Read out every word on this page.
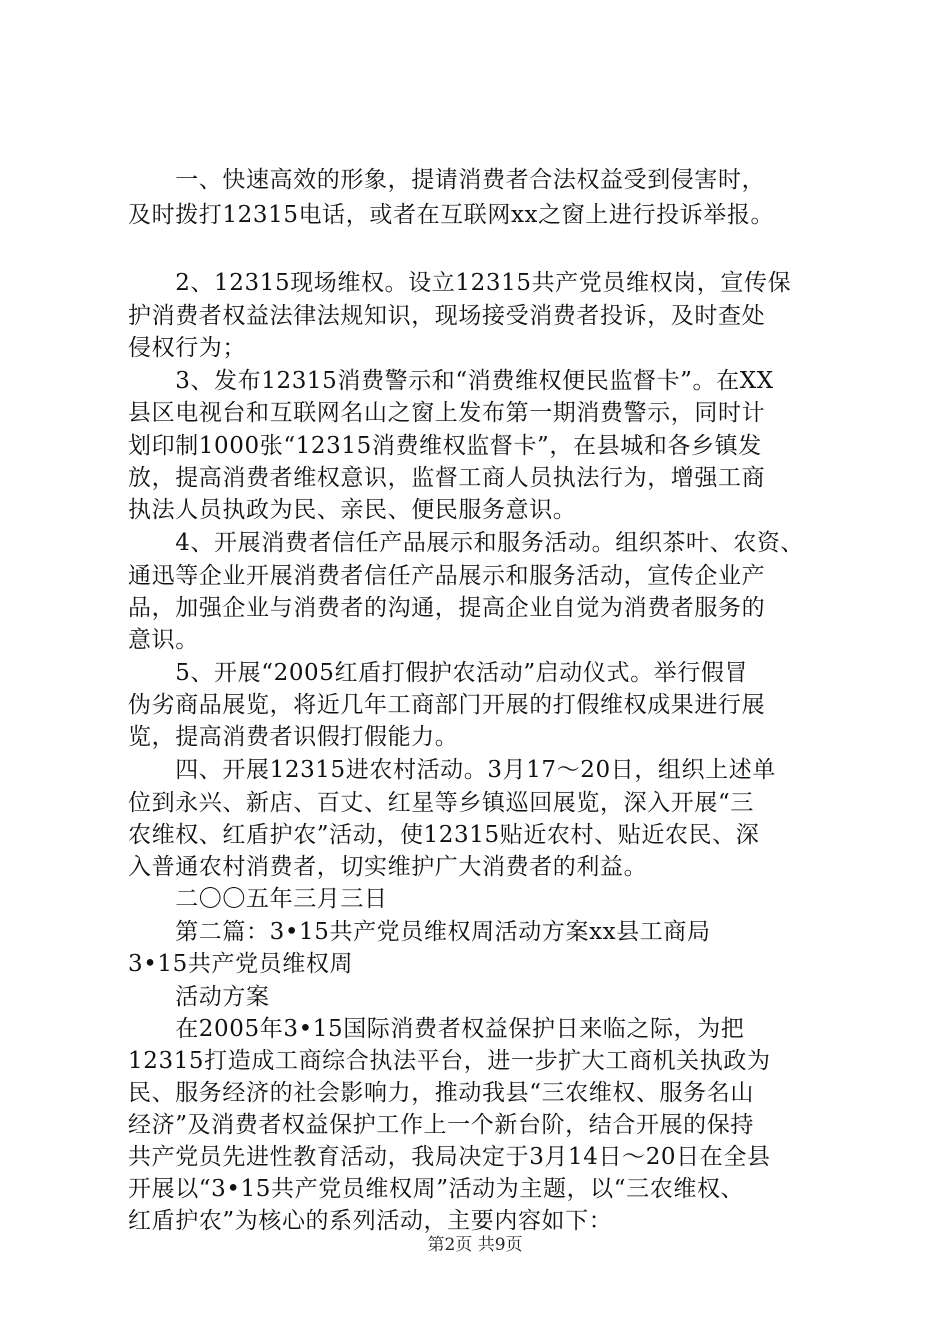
　　一、快速高效的形象，提请消费者合法权益受到侵害时，
及时拨打12315电话，或者在互联网xx之窗上进行投诉举报。
　　2、12315现场维权。设立12315共产党员维权岗，宣传保
护消费者权益法律法规知识，现场接受消费者投诉，及时查处
侵权行为；
　　3、发布12315消费警示和“消费维权便民监督卡”。在XX
县区电视台和互联网名山之窗上发布第一期消费警示，同时计
划印制1000张“12315消费维权监督卡”，在县城和各乡镇发
放，提高消费者维权意识，监督工商人员执法行为，增强工商
执法人员执政为民、亲民、便民服务意识。
　　4、开展消费者信任产品展示和服务活动。组织茶叶、农资、
通迅等企业开展消费者信任产品展示和服务活动，宣传企业产
品，加强企业与消费者的沟通，提高企业自觉为消费者服务的
意识。
　　5、开展“2005红盾打假护农活动”启动仪式。举行假冒
伪劣商品展览，将近几年工商部门开展的打假维权成果进行展
览，提高消费者识假打假能力。
　　四、开展12315进农村活动。3月17～20日，组织上述单
位到永兴、新店、百丈、红星等乡镇巡回展览，深入开展“三
农维权、红盾护农”活动，使12315贴近农村、贴近农民、深
入普通农村消费者，切实维护广大消费者的利益。
　　二〇〇五年三月三日
　　第二篇：3•15共产党员维权周活动方案xx县工商局
3•15共产党员维权周
　　活动方案
　　在2005年3•15国际消费者权益保护日来临之际，为把
12315打造成工商综合执法平台，进一步扩大工商机关执政为
民、服务经济的社会影响力，推动我县“三农维权、服务名山
经济”及消费者权益保护工作上一个新台阶，结合开展的保持
共产党员先进性教育活动，我局决定于3月14日～20日在全县
开展以“3•15共产党员维权周”活动为主题，以“三农维权、
红盾护农”为核心的系列活动，主要内容如下：
第2页 共9页
